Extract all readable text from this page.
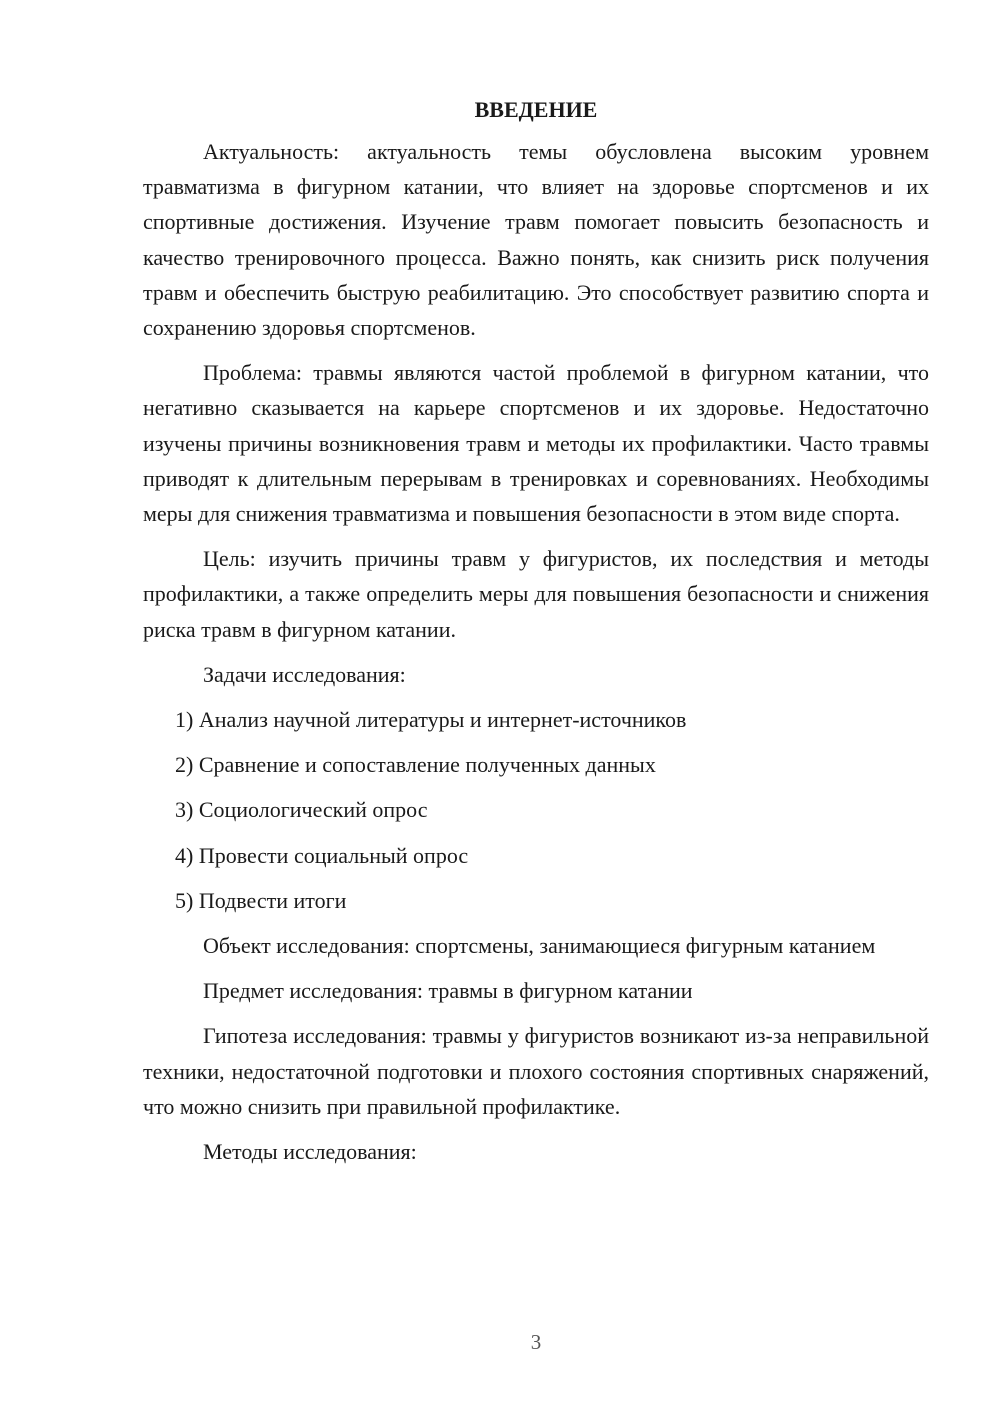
ВВЕДЕНИЕ

Актуальность: актуальность темы обусловлена высоким уровнем травматизма в фигурном катании, что влияет на здоровье спортсменов и их спортивные достижения. Изучение травм помогает повысить безопасность и качество тренировочного процесса. Важно понять, как снизить риск получения травм и обеспечить быструю реабилитацию. Это способствует развитию спорта и сохранению здоровья спортсменов.

Проблема: травмы являются частой проблемой в фигурном катании, что негативно сказывается на карьере спортсменов и их здоровье. Недостаточно изучены причины возникновения травм и методы их профилактики. Часто травмы приводят к длительным перерывам в тренировках и соревнованиях. Необходимы меры для снижения травматизма и повышения безопасности в этом виде спорта.

Цель: изучить причины травм у фигуристов, их последствия и методы профилактики, а также определить меры для повышения безопасности и снижения риска травм в фигурном катании.

Задачи исследования:

1) Анализ научной литературы и интернет-источников
2) Сравнение и сопоставление полученных данных
3) Социологический опрос
4) Провести социальный опрос
5) Подвести итоги

Объект исследования: спортсмены, занимающиеся фигурным катанием

Предмет исследования: травмы в фигурном катании

Гипотеза исследования: травмы у фигуристов возникают из-за неправильной техники, недостаточной подготовки и плохого состояния спортивных снаряжений, что можно снизить при правильной профилактике.

Методы исследования:

3
